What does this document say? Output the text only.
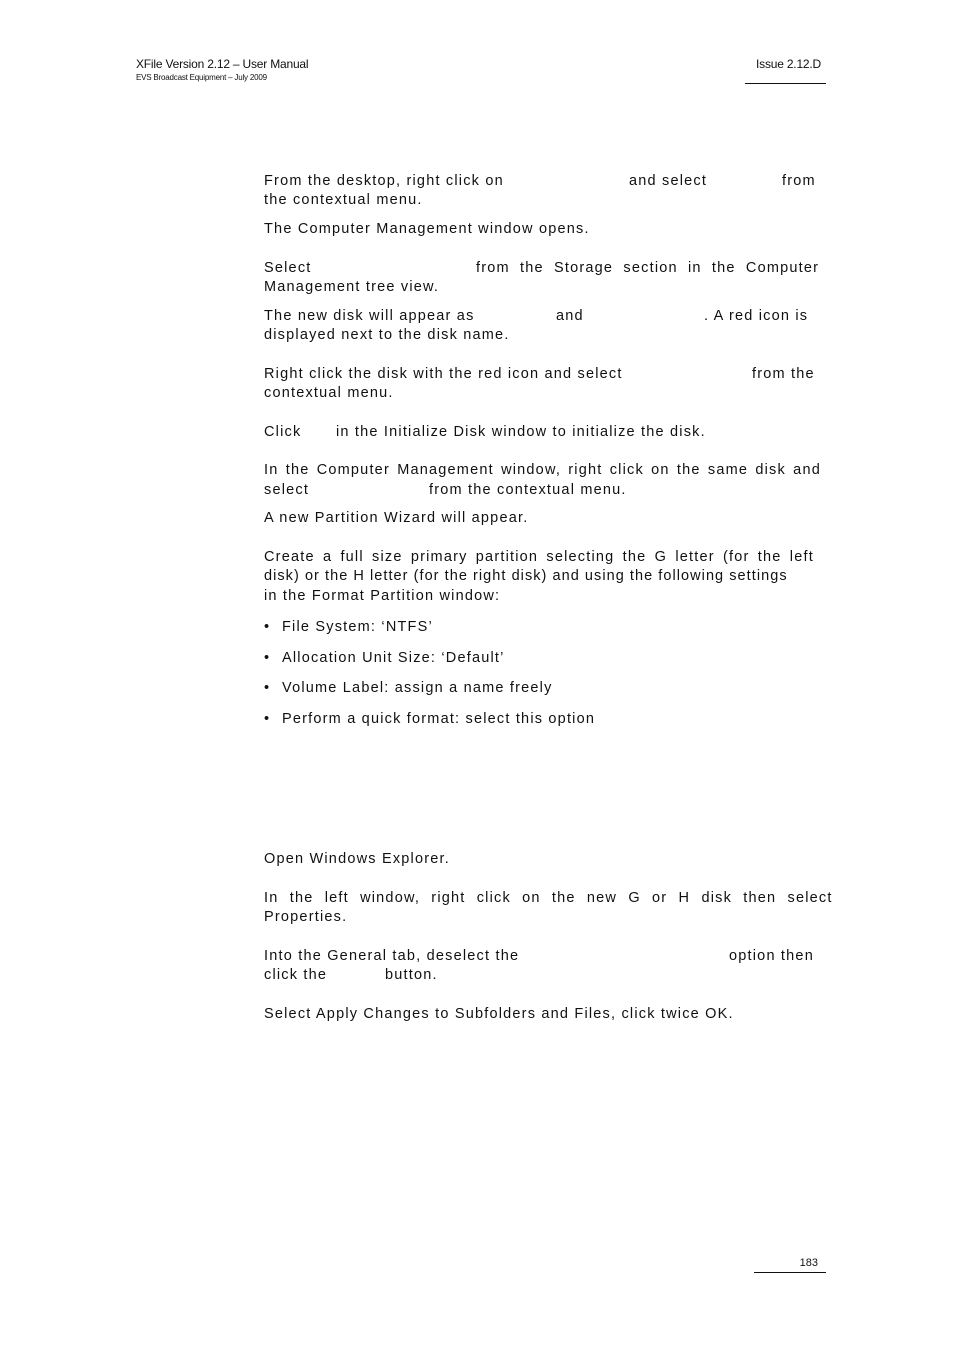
XFile Version 2.12 – User Manual
EVS Broadcast Equipment – July 2009
Issue 2.12.D
From the desktop, right click on	and select	from
the contextual menu.
The Computer Management window opens.
Select	from the Storage section in the Computer
Management tree view.
The new disk will appear as	and	. A red icon is
displayed next to the disk name.
Right click the disk with the red icon and select	from the
contextual menu.
Click in the Initialize Disk window to initialize the disk.
In the Computer Management window, right click on the same disk and
select	from the contextual menu.
A new Partition Wizard will appear.
Create a full size primary partition selecting the G letter (for the left
disk) or the H letter (for the right disk) and using the following settings
in the Format Partition window:
• File System: ‘NTFS’
• Allocation Unit Size: ‘Default’
• Volume Label: assign a name freely
• Perform a quick format: select this option
Open Windows Explorer.
In the left window, right click on the new G or H disk then select
Properties.
Into the General tab, deselect the	option then
click the	button.
Select Apply Changes to Subfolders and Files, click twice OK.
183
